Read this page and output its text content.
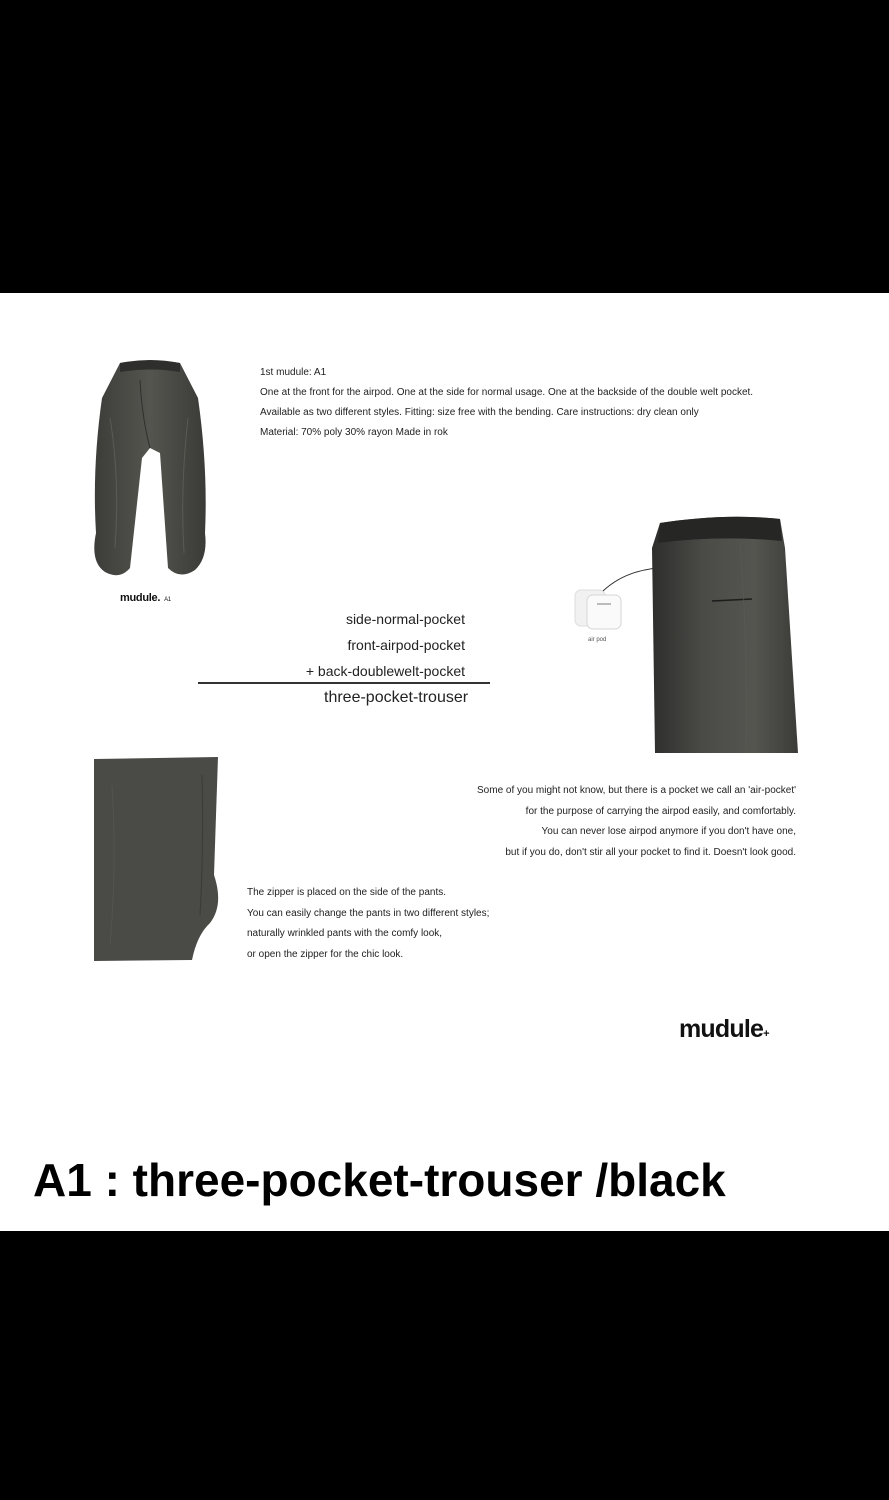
mudule. A1
1st mudule: A1
One at the front for the airpod. One at the side for normal usage. One at the backside of the double welt pocket.
Available as two different styles. Fitting: size free with the bending. Care instructions: dry clean only
Material: 70% poly 30% rayon Made in rok
side-normal-pocket
front-airpod-pocket
+ back-doublewelt-pocket
three-pocket-trouser
air pod
Some of you might not know, but there is a pocket we call an 'air-pocket'
for the purpose of carrying the airpod easily, and comfortably.
You can never lose airpod anymore if you don't have one,
but if you do, don't stir all your pocket to find it. Doesn't look good.
The zipper is placed on the side of the pants.
You can easily change the pants in two different styles;
naturally wrinkled pants with the comfy look,
or open the zipper for the chic look.
mudule+
A1 : three-pocket-trouser /black
